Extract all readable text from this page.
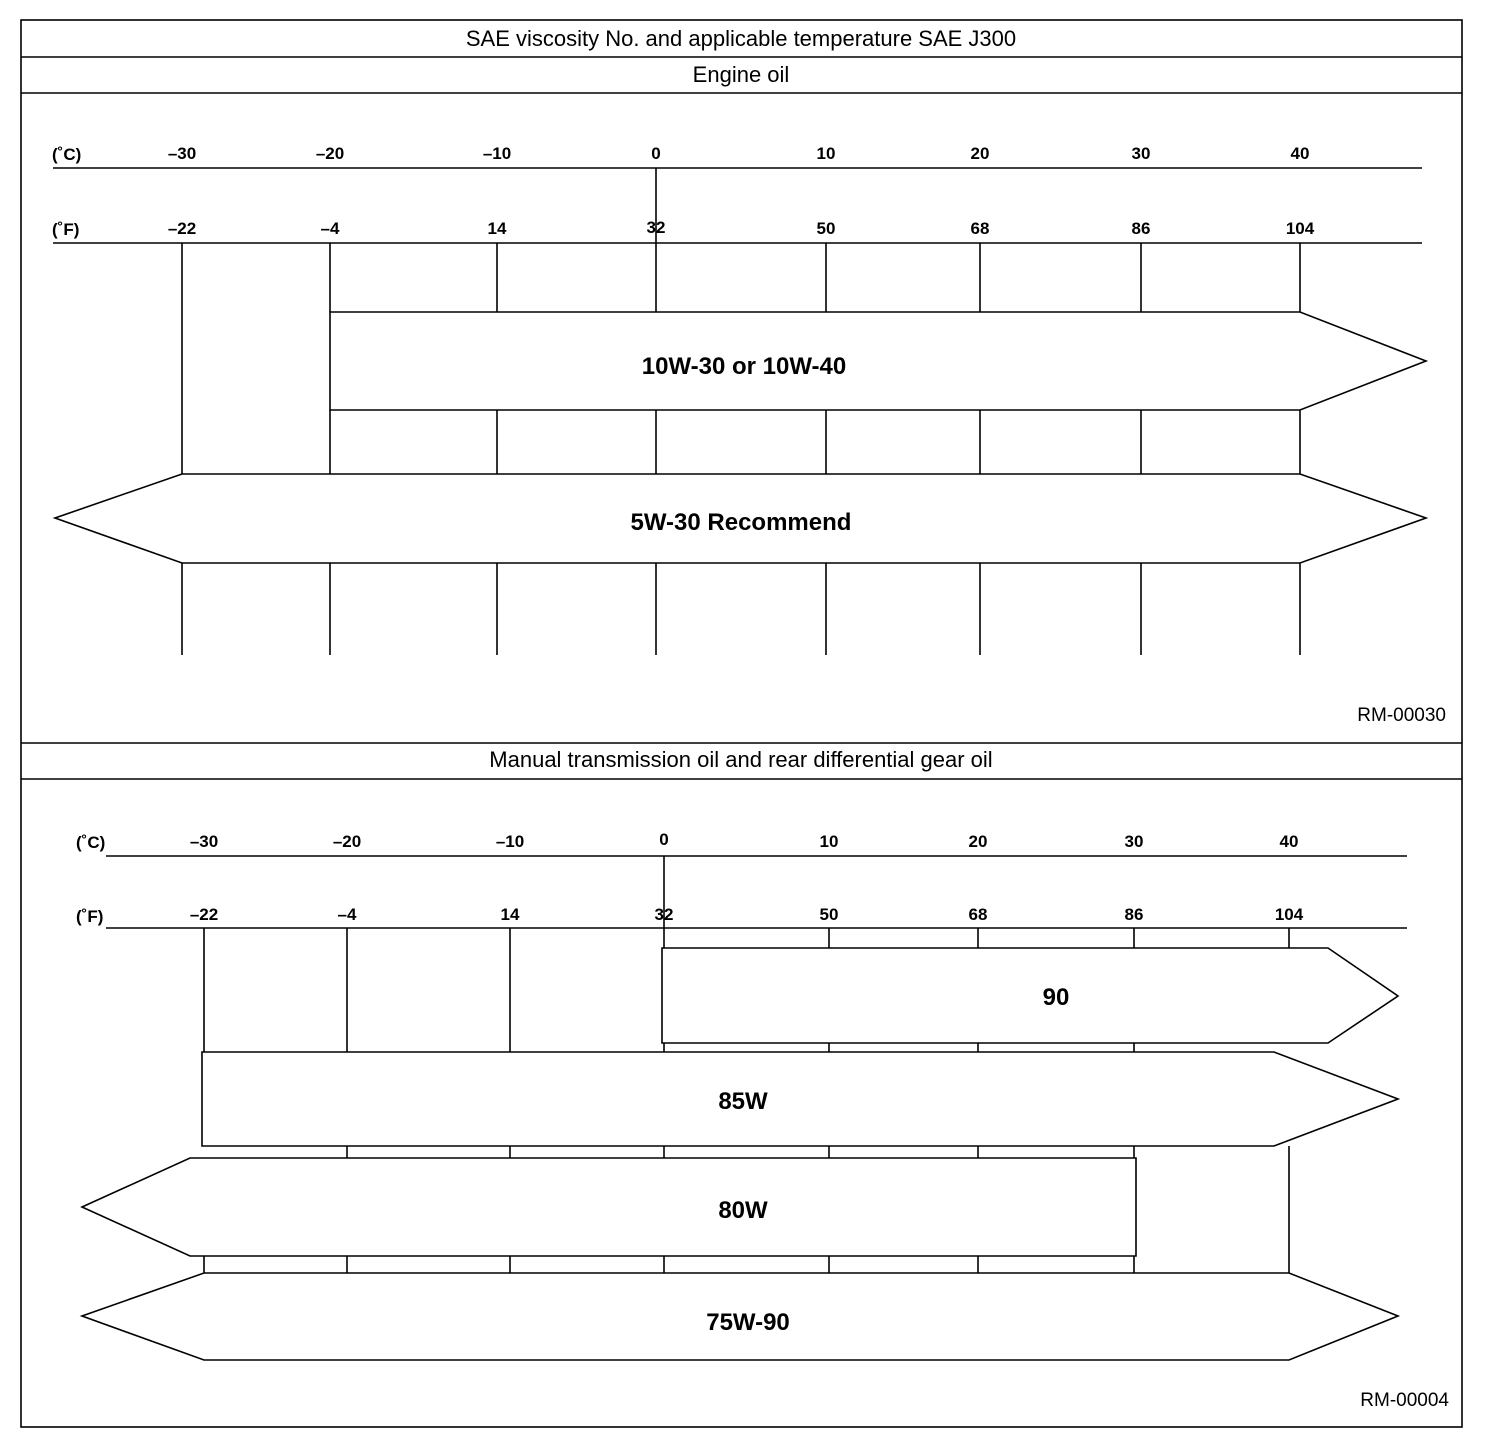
SAE viscosity No. and applicable temperature SAE J300
Engine oil
Manual transmission oil and rear differential gear oil
(˚C)
(˚F)
–30	–20	–10	0	10	20	30	40
–22	–4	14	32	50	68	86	104
10W-30 or 10W-40
5W-30 Recommend
RM-00030
(˚C)
(˚F)
–30	–20	–10	0	10	20	30	40
–22	–4	14	32	50	68	86	104
90
85W
80W
75W-90
RM-00004
